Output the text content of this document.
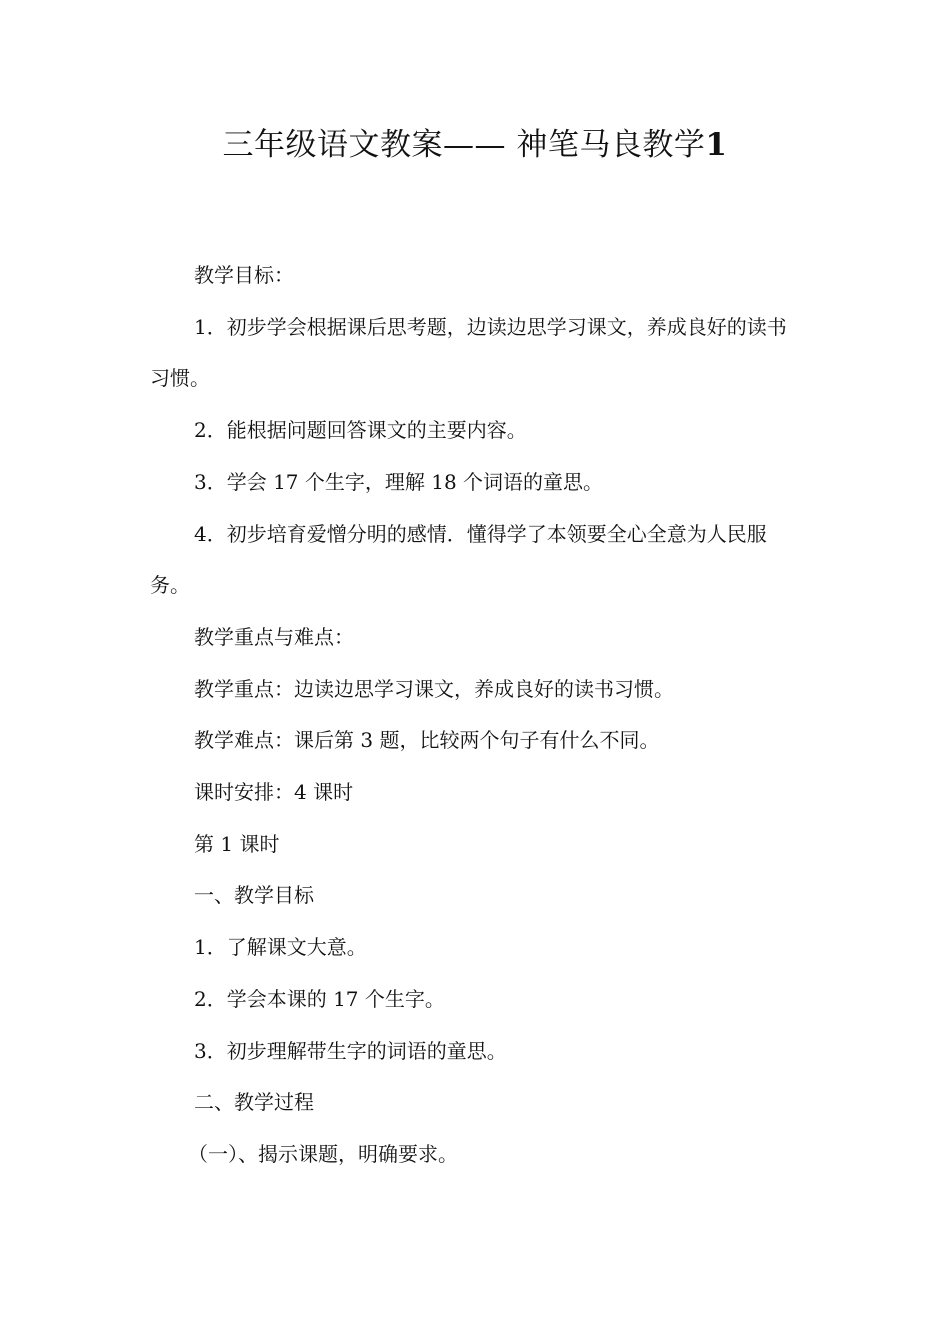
三年级语文教案—— 神笔马良教学1

教学目标：

1．初步学会根据课后思考题，边读边思学习课文，养成良好的读书习惯。

2．能根据问题回答课文的主要内容。

3．学会 17 个生字，理解 18 个词语的童思。

4．初步培育爱憎分明的感情．懂得学了本领要全心全意为人民服务。

教学重点与难点：

教学重点：边读边思学习课文，养成良好的读书习惯。

教学难点：课后第 3 题，比较两个句子有什么不同。

课时安排：4 课时

第 1 课时

一、教学目标

1．了解课文大意。

2．学会本课的 17 个生字。

3．初步理解带生字的词语的童思。

二、教学过程

（一）、揭示课题，明确要求。
